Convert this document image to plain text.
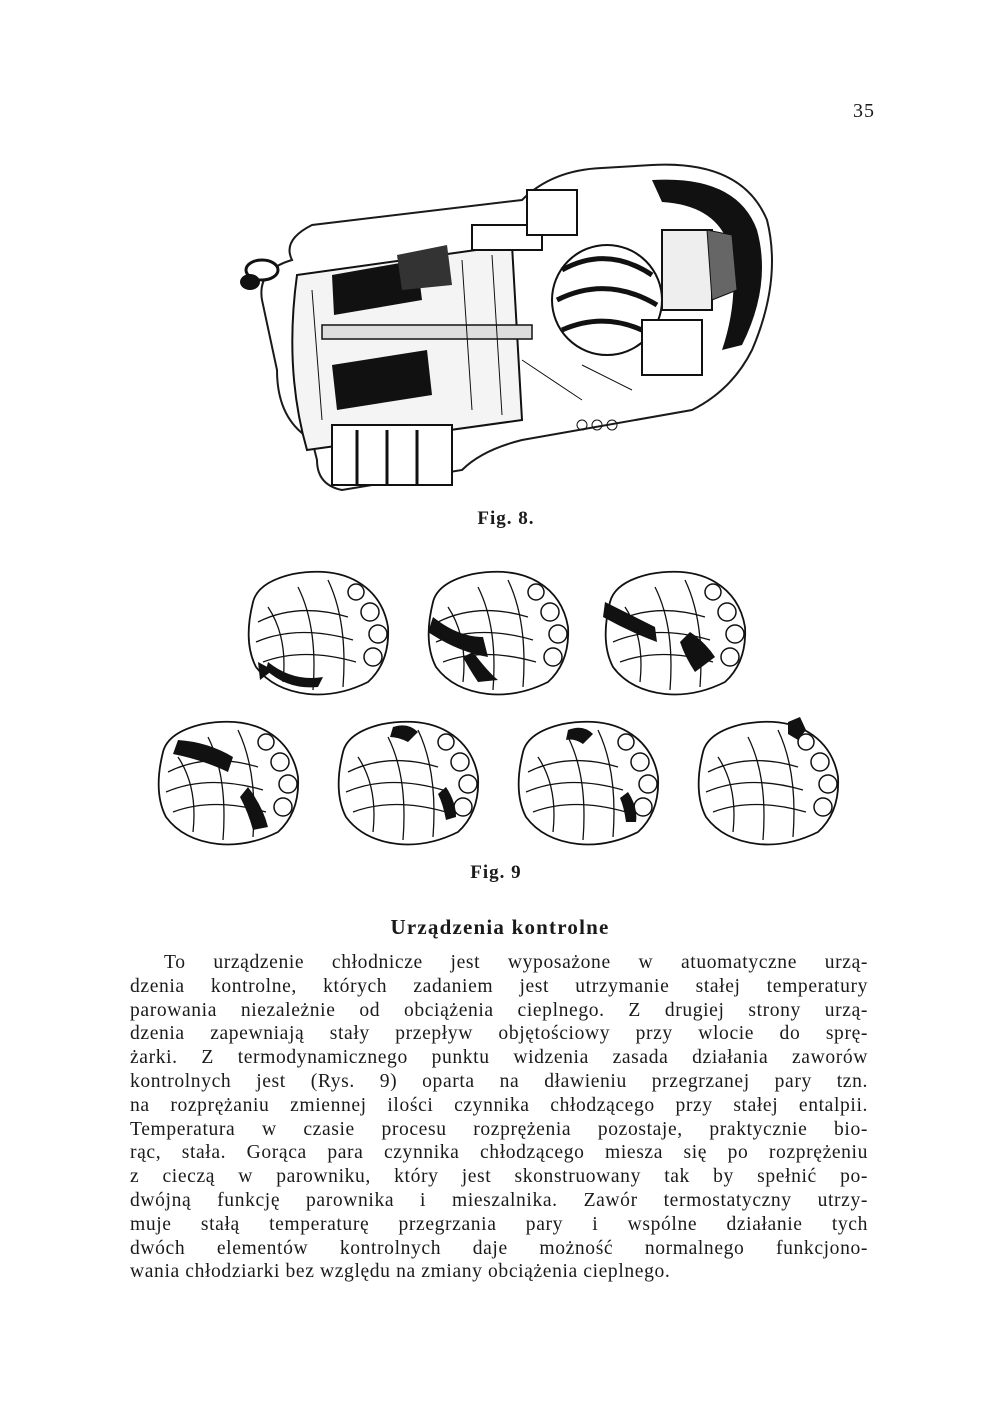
35
Fig. 8.
Fig. 9
Urządzenia kontrolne
To urządzenie chłodnicze jest wyposażone w atuomatyczne urzą-
dzenia kontrolne, których zadaniem jest utrzymanie stałej temperatury
parowania niezależnie od obciążenia cieplnego. Z drugiej strony urzą-
dzenia zapewniają stały przepływ objętościowy przy wlocie do sprę-
żarki. Z termodynamicznego punktu widzenia zasada działania zaworów
kontrolnych jest (Rys. 9) oparta na dławieniu przegrzanej pary tzn.
na rozprężaniu zmiennej ilości czynnika chłodzącego przy stałej entalpii.
Temperatura w czasie procesu rozprężenia pozostaje, praktycznie bio-
rąc, stała. Gorąca para czynnika chłodzącego miesza się po rozprężeniu
z cieczą w parowniku, który jest skonstruowany tak by spełnić po-
dwójną funkcję parownika i mieszalnika. Zawór termostatyczny utrzy-
muje stałą temperaturę przegrzania pary i wspólne działanie tych
dwóch elementów kontrolnych daje możność normalnego funkcjono-
wania chłodziarki bez względu na zmiany obciążenia cieplnego.
